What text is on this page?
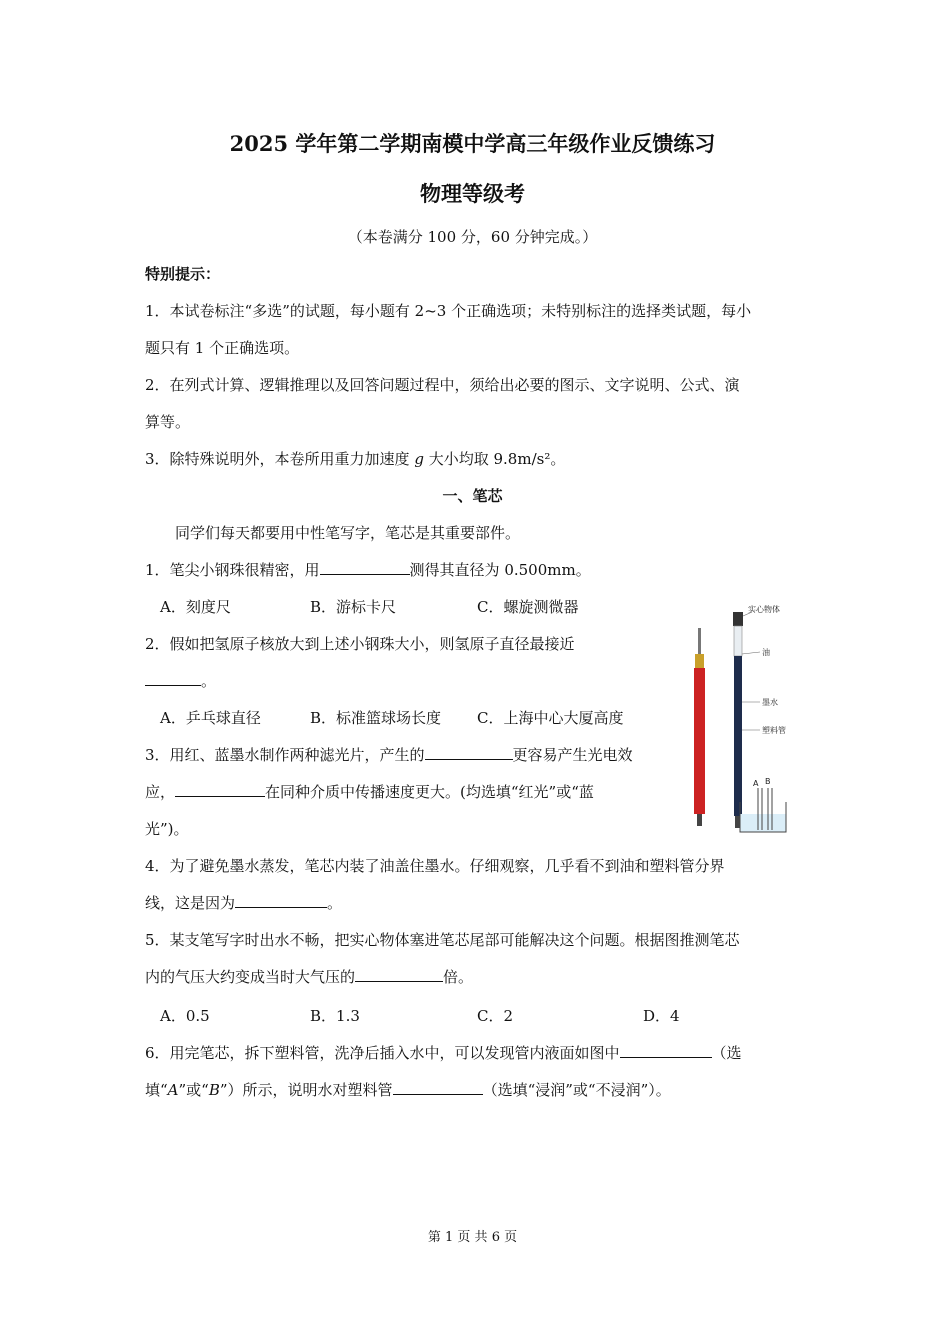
2025 学年第二学期南模中学高三年级作业反馈练习
物理等级考
（本卷满分 100 分，60 分钟完成。）
特别提示：
1．本试卷标注“多选”的试题，每小题有 2~3 个正确选项；未特别标注的选择类试题，每小
题只有 1 个正确选项。
2．在列式计算、逻辑推理以及回答问题过程中，须给出必要的图示、文字说明、公式、演
算等。
3．除特殊说明外，本卷所用重力加速度 g 大小均取 9.8m/s²。
一、笔芯
同学们每天都要用中性笔写字，笔芯是其重要部件。
1．笔尖小钢珠很精密，用	测得其直径为 0.500mm。
A．刻度尺	B．游标卡尺	C．螺旋测微器
2．假如把氢原子核放大到上述小钢珠大小，则氢原子直径最接近
。
A．乒乓球直径	B．标准篮球场长度 C．上海中心大厦高度
3．用红、蓝墨水制作两种滤光片，产生的	更容易产生光电效
应，	在同种介质中传播速度更大。(均选填“红光”或“蓝
光”)。
实心物体
油
墨水
塑料管
A B
4．为了避免墨水蒸发，笔芯内装了油盖住墨水。仔细观察，几乎看不到油和塑料管分界
线，这是因为	。
5．某支笔写字时出水不畅，把实心物体塞进笔芯尾部可能解决这个问题。根据图推测笔芯
内的气压大约变成当时大气压的	倍。
A．0.5	B．1.3	C．2	D．4
6．用完笔芯，拆下塑料管，洗净后插入水中，可以发现管内液面如图中	（选
填“A”或“B”）所示，说明水对塑料管	（选填“浸润”或“不浸润”）。
第 1 页 共 6 页
